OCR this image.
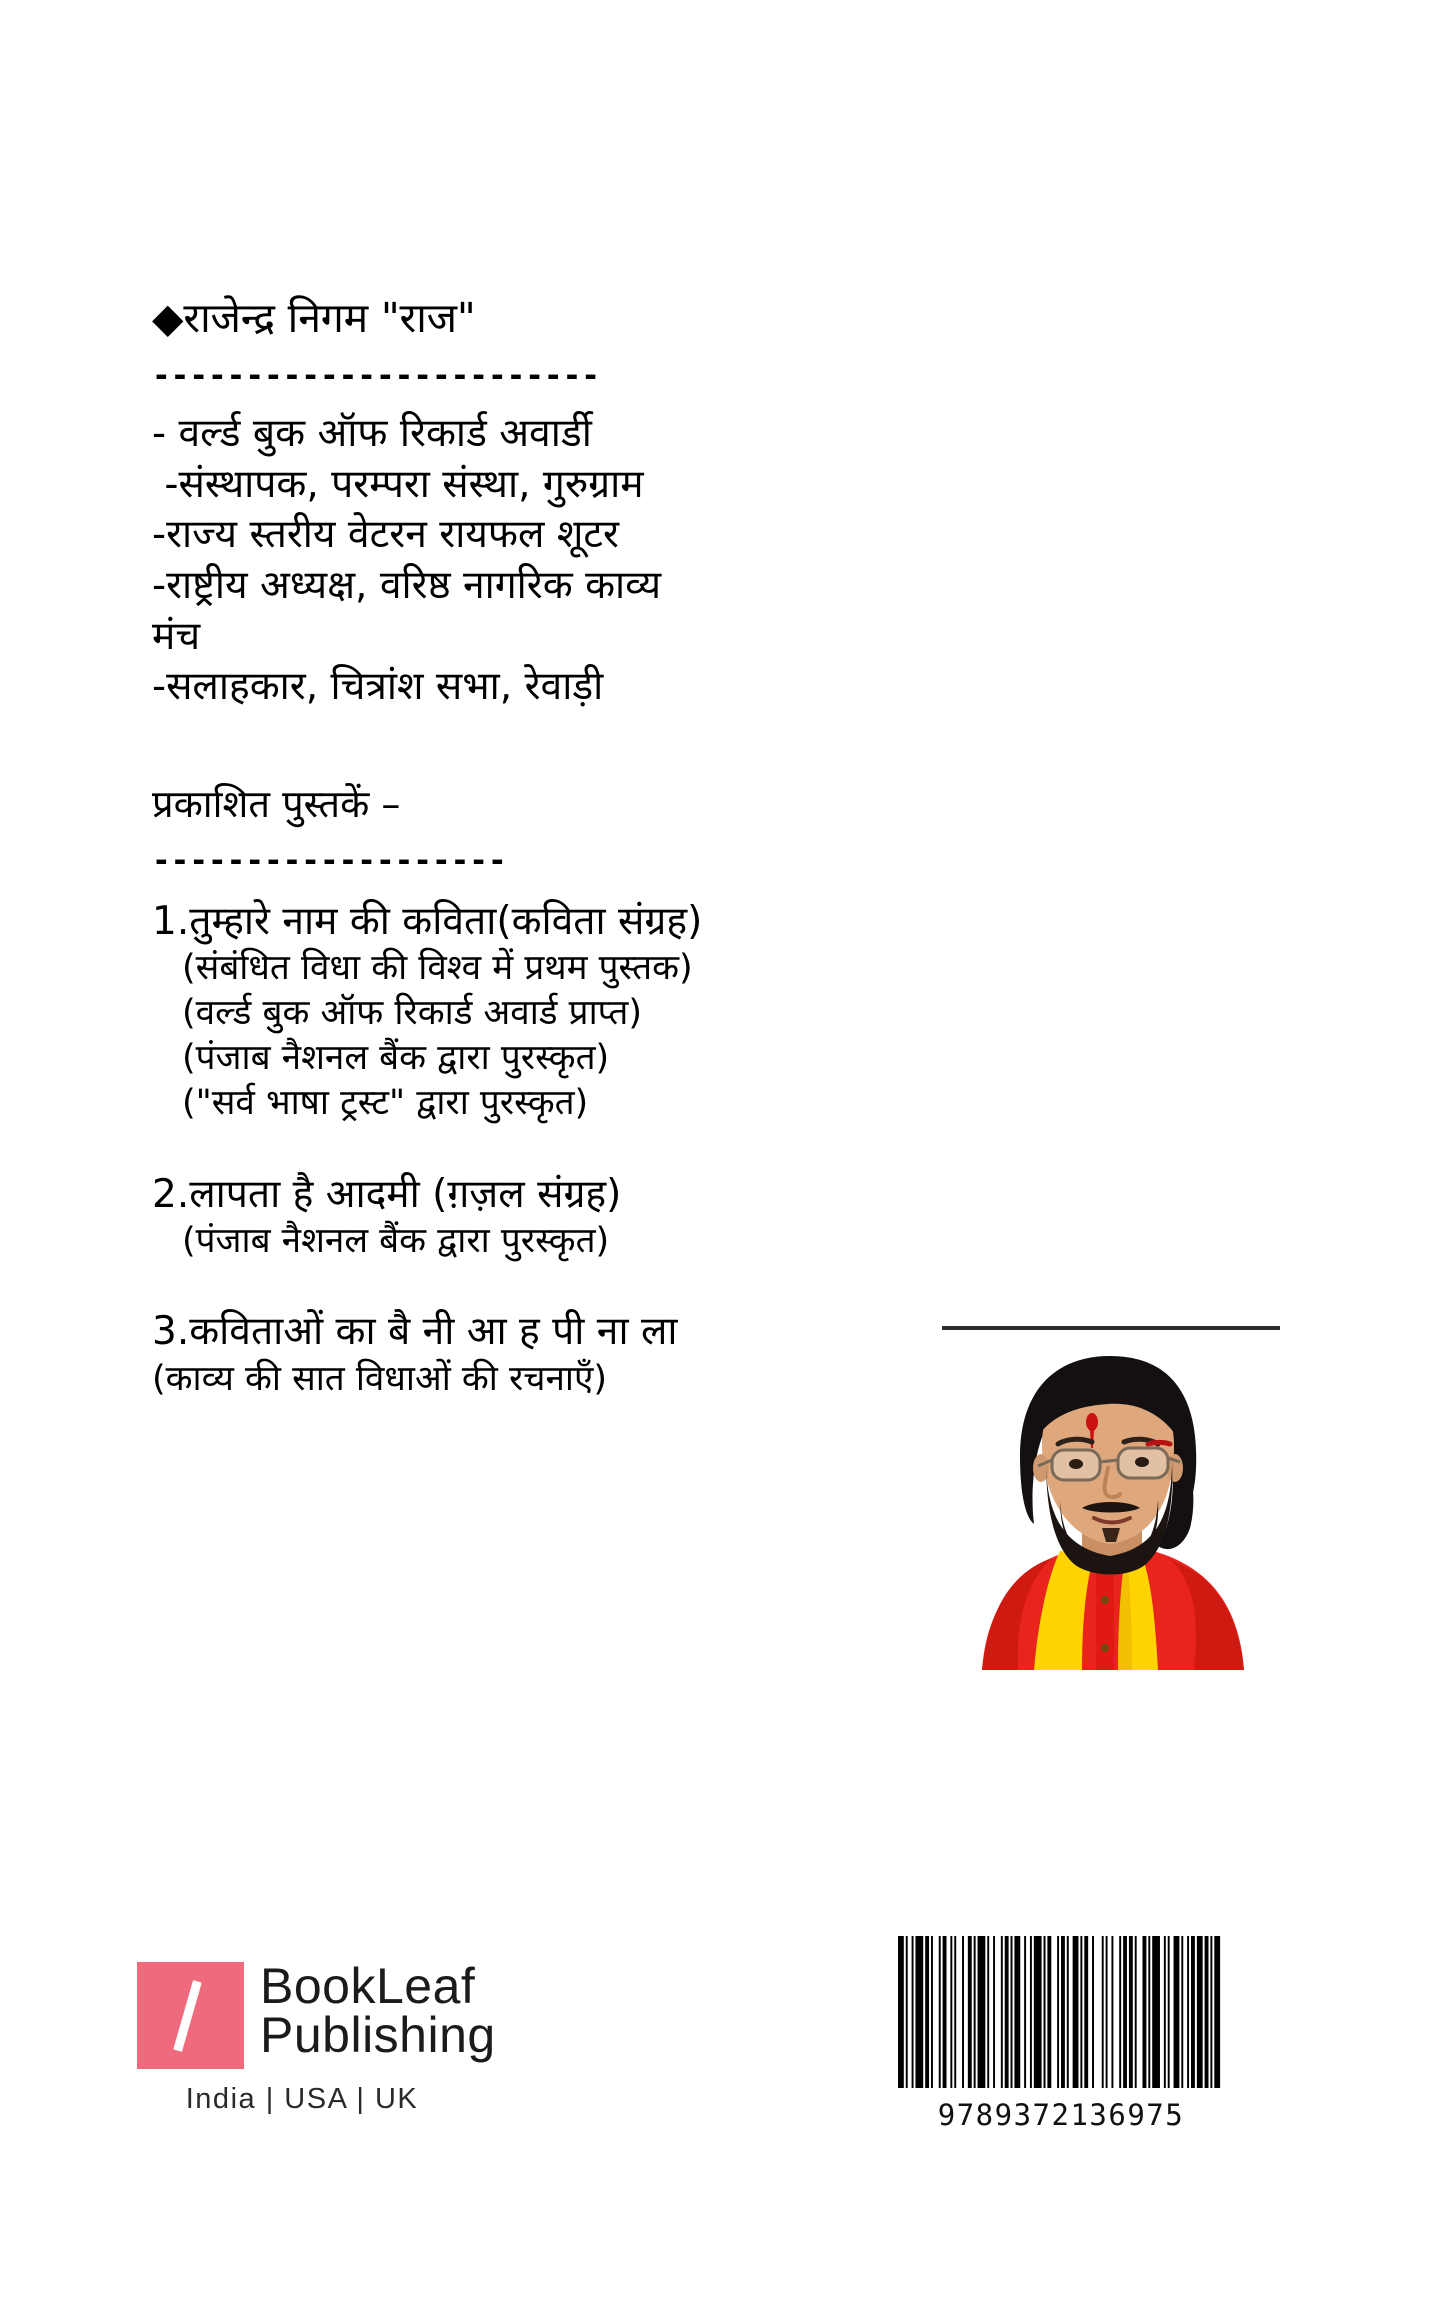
◆राजेन्द्र निगम "राज"
------------------------
- वर्ल्ड बुक ऑफ रिकार्ड अवार्डी
-संस्थापक, परम्परा संस्था, गुरुग्राम
-राज्य स्तरीय वेटरन रायफल शूटर
-राष्ट्रीय अध्यक्ष, वरिष्ठ नागरिक काव्य
मंच
-सलाहकार, चित्रांश सभा, रेवाड़ी
प्रकाशित पुस्तकें –
-------------------
1.तुम्हारे नाम की कविता(कविता संग्रह)
(संबंधित विधा की विश्व में प्रथम पुस्तक)
(वर्ल्ड बुक ऑफ रिकार्ड अवार्ड प्राप्त)
(पंजाब नैशनल बैंक द्वारा पुरस्कृत)
("सर्व भाषा ट्रस्ट" द्वारा पुरस्कृत)
2.लापता है आदमी (ग़ज़ल संग्रह)
(पंजाब नैशनल बैंक द्वारा पुरस्कृत)
3.कविताओं का बै नी आ ह पी ना ला
(काव्य की सात विधाओं की रचनाएँ)
BookLeaf
Publishing
India | USA | UK	9789372136975
